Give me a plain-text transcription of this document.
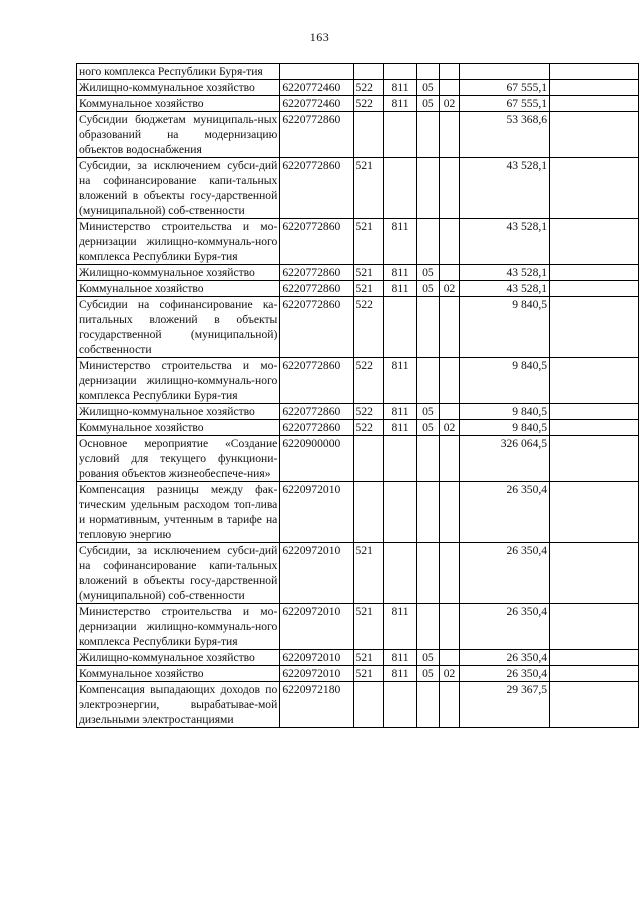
163
ного комплекса Республики Буря-тия							
Жилищно-коммунальное хозяйство	6220772460	522	811	05		67 555,1	
Коммунальное хозяйство	6220772460	522	811	05	02	67 555,1	
Субсидии бюджетам муниципаль-ных образований на модернизацию объектов водоснабжения	6220772860					53 368,6	
Субсидии, за исключением субси-дий на софинансирование капи-тальных вложений в объекты госу-дарственной (муниципальной) соб-ственности	6220772860	521				43 528,1	
Министерство строительства и мо-дернизации жилищно-коммуналь-ного комплекса Республики Буря-тия	6220772860	521	811			43 528,1	
Жилищно-коммунальное хозяйство	6220772860	521	811	05		43 528,1	
Коммунальное хозяйство	6220772860	521	811	05	02	43 528,1	
Субсидии на софинансирование ка-питальных вложений в объекты государственной (муниципальной) собственности	6220772860	522				9 840,5	
Министерство строительства и мо-дернизации жилищно-коммуналь-ного комплекса Республики Буря-тия	6220772860	522	811			9 840,5	
Жилищно-коммунальное хозяйство	6220772860	522	811	05		9 840,5	
Коммунальное хозяйство	6220772860	522	811	05	02	9 840,5	
Основное мероприятие «Создание условий для текущего функциони-рования объектов жизнеобеспече-ния»	6220900000					326 064,5	
Компенсация разницы между фак-тическим удельным расходом топ-лива и нормативным, учтенным в тарифе на тепловую энергию	6220972010					26 350,4	
Субсидии, за исключением субси-дий на софинансирование капи-тальных вложений в объекты госу-дарственной (муниципальной) соб-ственности	6220972010	521				26 350,4	
Министерство строительства и мо-дернизации жилищно-коммуналь-ного комплекса Республики Буря-тия	6220972010	521	811			26 350,4	
Жилищно-коммунальное хозяйство	6220972010	521	811	05		26 350,4	
Коммунальное хозяйство	6220972010	521	811	05	02	26 350,4	
Компенсация выпадающих доходов по электроэнергии, вырабатывае-мой дизельными электростанциями	6220972180					29 367,5	
